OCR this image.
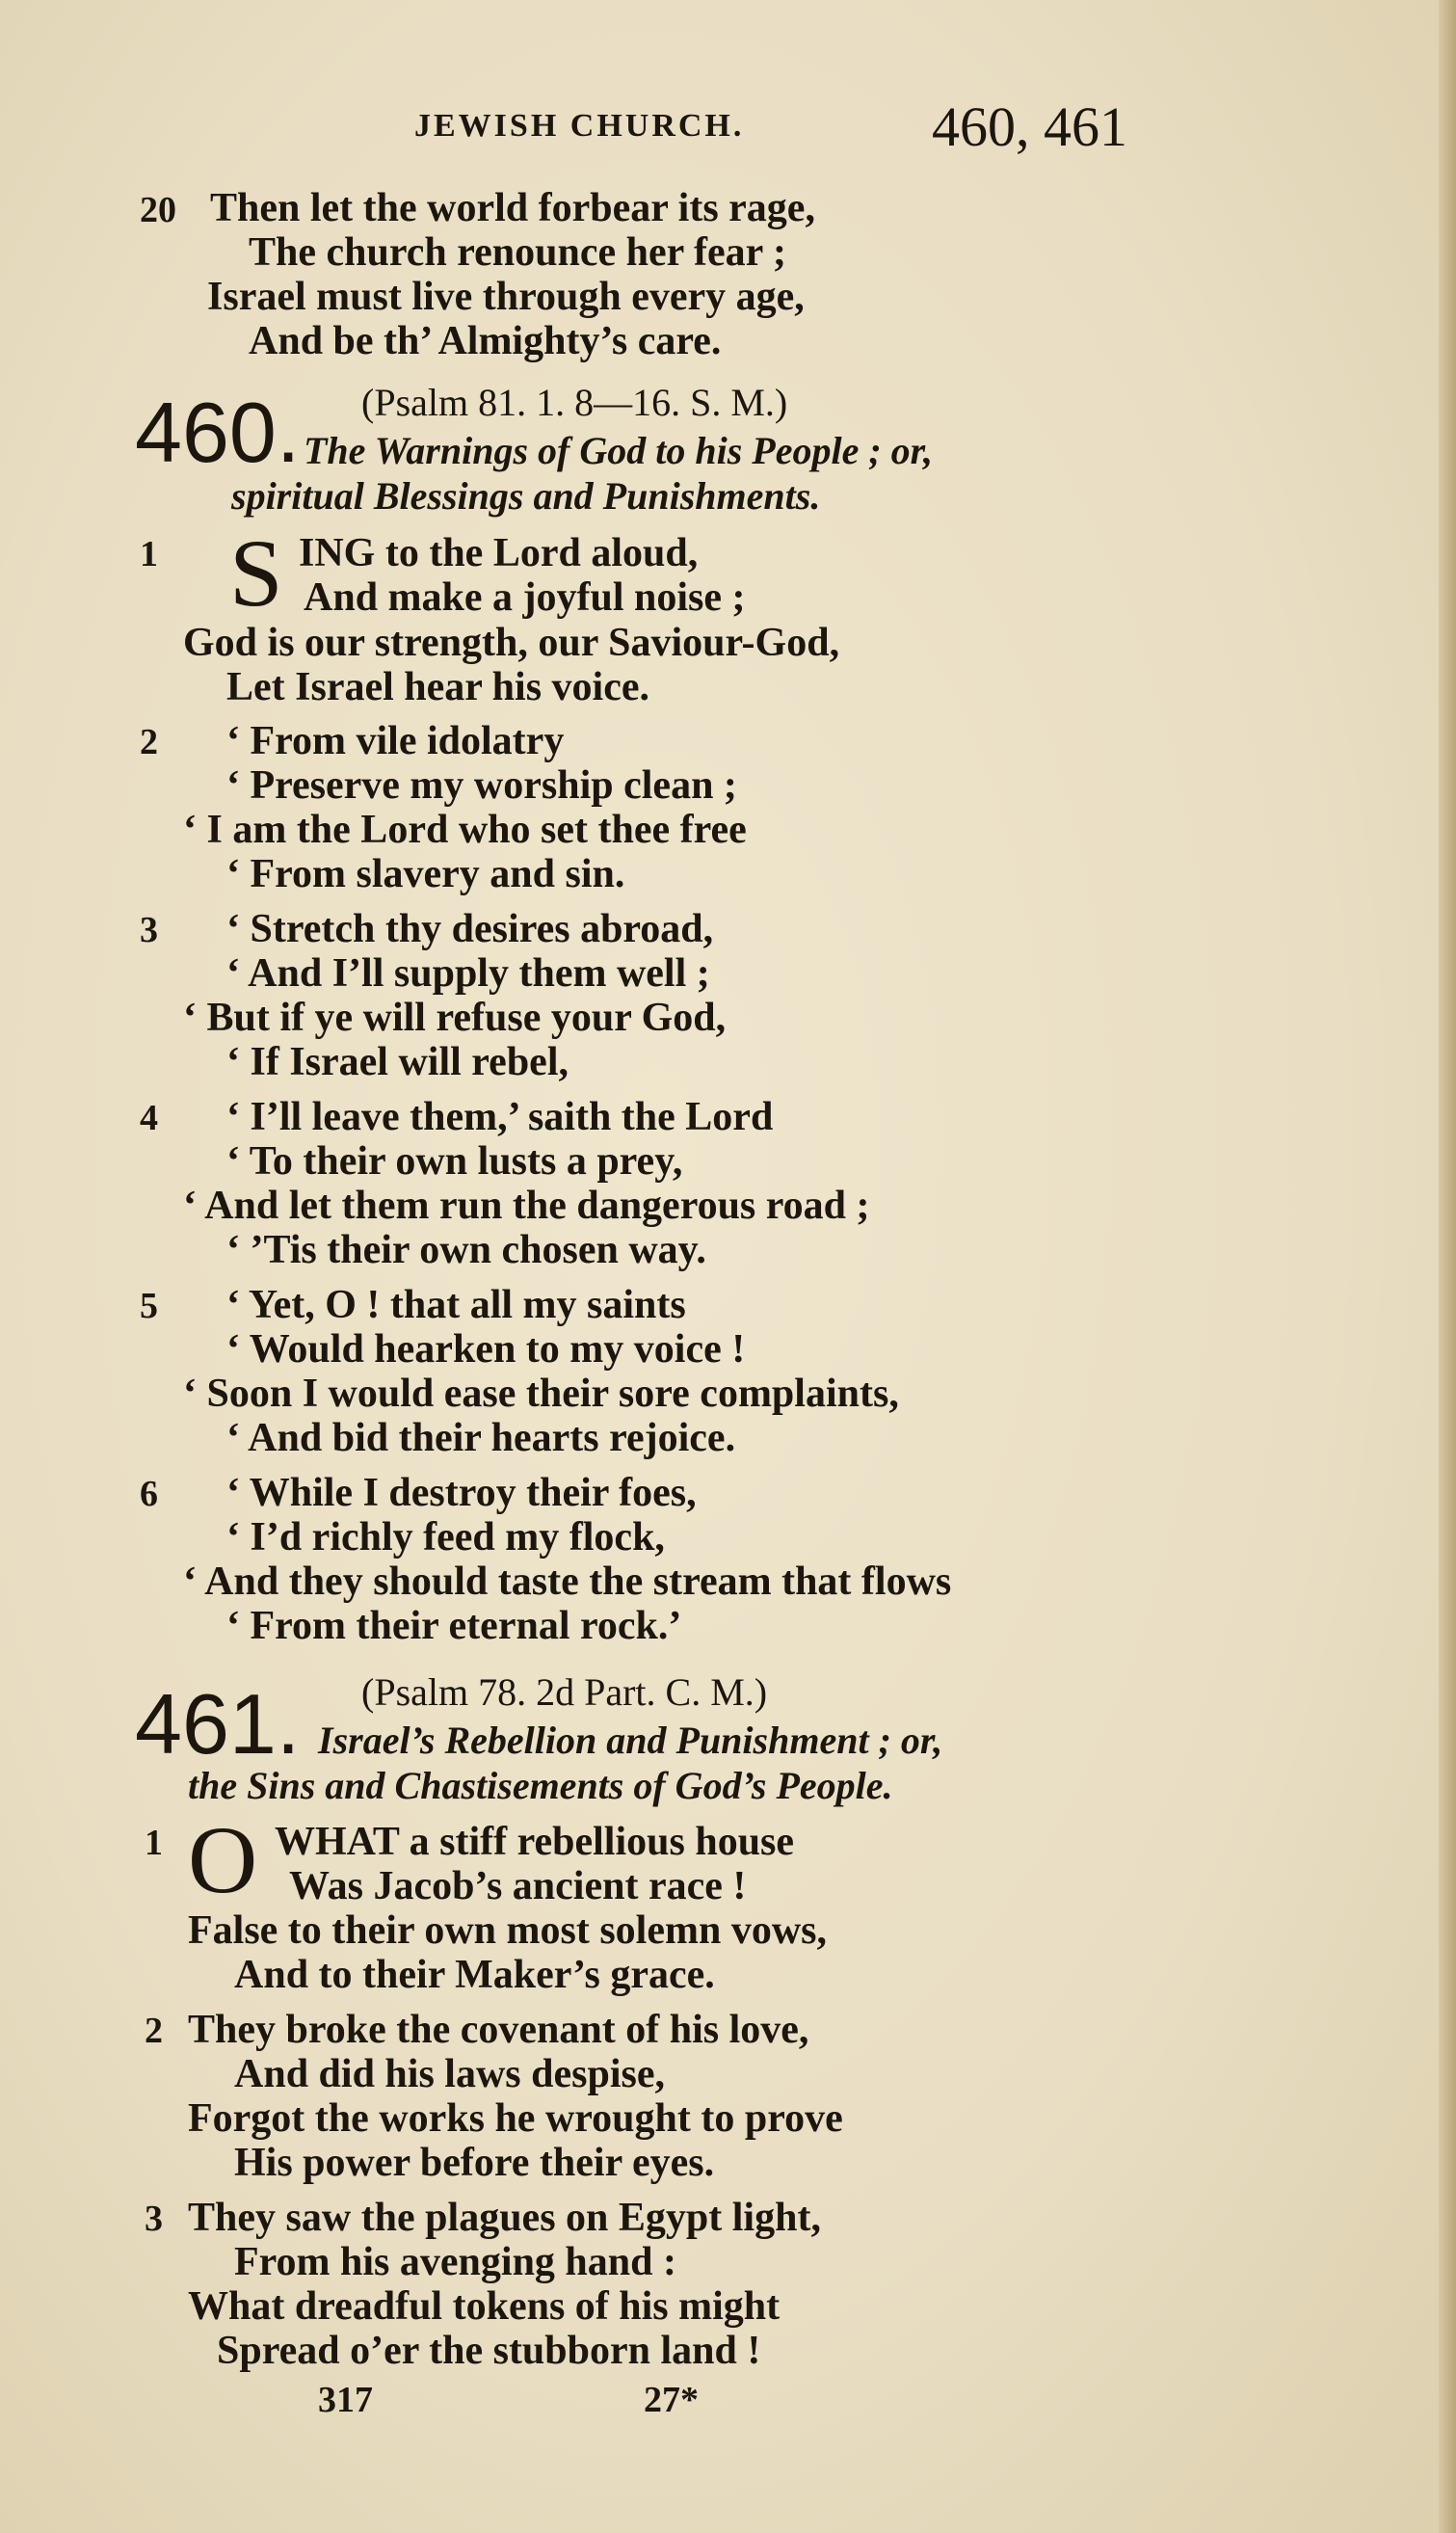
JEWISH CHURCH.	460, 461
20 Then let the world forbear its rage,
The church renounce her fear ;
Israel must live through every age,
And be th’ Almighty’s care.
460. (Psalm 81. 1. 8—16. S. M.)
The Warnings of God to his People ; or,
spiritual Blessings and Punishments.
1 S ING to the Lord aloud,
And make a joyful noise ;
God is our strength, our Saviour-God,
Let Israel hear his voice.
2 ‘ From vile idolatry
‘ Preserve my worship clean ;
‘ I am the Lord who set thee free
‘ From slavery and sin.
3 ‘ Stretch thy desires abroad,
‘ And I’ll supply them well ;
‘ But if ye will refuse your God,
‘ If Israel will rebel,
4 ‘ I’ll leave them,’ saith the Lord
‘ To their own lusts a prey,
‘ And let them run the dangerous road ;
‘ ’Tis their own chosen way.
5 ‘ Yet, O ! that all my saints
‘ Would hearken to my voice !
‘ Soon I would ease their sore complaints,
‘ And bid their hearts rejoice.
6 ‘ While I destroy their foes,
‘ I’d richly feed my flock,
‘ And they should taste the stream that flows
‘ From their eternal rock.’
461. (Psalm 78. 2d Part. C. M.)
Israel’s Rebellion and Punishment ; or,
the Sins and Chastisements of God’s People.
1 O WHAT a stiff rebellious house
Was Jacob’s ancient race !
False to their own most solemn vows,
And to their Maker’s grace.
2 They broke the covenant of his love,
And did his laws despise,
Forgot the works he wrought to prove
His power before their eyes.
3 They saw the plagues on Egypt light,
From his avenging hand :
What dreadful tokens of his might
Spread o’er the stubborn land !
317	27*
